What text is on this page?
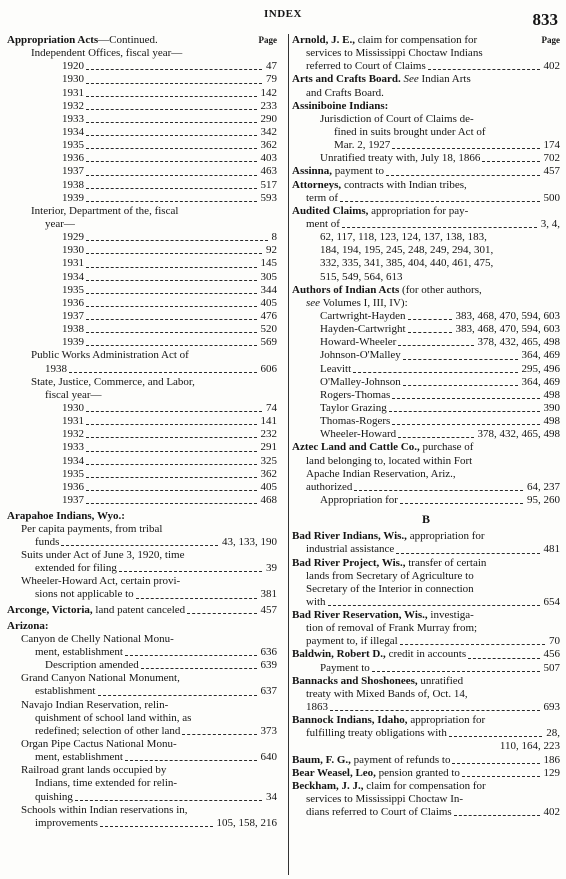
INDEX	833
Page
Appropriation Acts—Continued.
Independent Offices, fiscal year—
1920	47
1930	79
1931	142
1932	233
1933	290
1934	342
1935	362
1936	403
1937	463
1938	517
1939	593
Interior, Department of the, fiscal
year—
1929	8
1930	92
1931	145
1934	305
1935	344
1936	405
1937	476
1938	520
1939	569
Public Works Administration Act of
1938	606
State, Justice, Commerce, and Labor,
fiscal year—
1930	74
1931	141
1932	232
1933	291
1934	325
1935	362
1936	405
1937	468
Arapahoe Indians, Wyo.:
Per capita payments, from tribal
funds	43, 133, 190
Suits under Act of June 3, 1920, time
extended for filing	39
Wheeler-Howard Act, certain provi-
sions not applicable to	381
Arconge, Victoria, land patent canceled	457
Arizona:
Canyon de Chelly National Monu-
ment, establishment	636
Description amended	639
Grand Canyon National Monument,
establishment	637
Navajo Indian Reservation, relin-
quishment of school land within, as
redefined; selection of other land	373
Organ Pipe Cactus National Monu-
ment, establishment	640
Railroad grant lands occupied by
Indians, time extended for relin-
quishing	34
Schools within Indian reservations in,
improvements	105, 158, 216
Page
Arnold, J. E., claim for compensation for
services to Mississippi Choctaw Indians
referred to Court of Claims	402
Arts and Crafts Board. See Indian Arts
and Crafts Board.
Assiniboine Indians:
Jurisdiction of Court of Claims de-
fined in suits brought under Act of
Mar. 2, 1927	174
Unratified treaty with, July 18, 1866	702
Assinna, payment to	457
Attorneys, contracts with Indian tribes,
term of	500
Audited Claims, appropriation for pay-
ment of	3, 4,
62, 117, 118, 123, 124, 137, 138, 183,
184, 194, 195, 245, 248, 249, 294, 301,
332, 335, 341, 385, 404, 440, 461, 475,
515, 549, 564, 613
Authors of Indian Acts (for other authors,
see Volumes I, III, IV):
Cartwright-Hayden	383, 468, 470, 594, 603
Hayden-Cartwright	383, 468, 470, 594, 603
Howard-Wheeler	378, 432, 465, 498
Johnson-O'Malley	364, 469
Leavitt	295, 496
O'Malley-Johnson	364, 469
Rogers-Thomas	498
Taylor Grazing	390
Thomas-Rogers	498
Wheeler-Howard	378, 432, 465, 498
Aztec Land and Cattle Co., purchase of
land belonging to, located within Fort
Apache Indian Reservation, Ariz.,
authorized	64, 237
Appropriation for	95, 260
B
Bad River Indians, Wis., appropriation for
industrial assistance	481
Bad River Project, Wis., transfer of certain
lands from Secretary of Agriculture to
Secretary of the Interior in connection
with	654
Bad River Reservation, Wis., investiga-
tion of removal of Frank Murray from;
payment to, if illegal	70
Baldwin, Robert D., credit in accounts	456
Payment to	507
Bannacks and Shoshonees, unratified
treaty with Mixed Bands of, Oct. 14,
1863	693
Bannock Indians, Idaho, appropriation for
fulfilling treaty obligations with	28,
110, 164, 223
Baum, F. G., payment of refunds to	186
Bear Weasel, Leo, pension granted to	129
Beckham, J. J., claim for compensation for
services to Mississippi Choctaw In-
dians referred to Court of Claims	402
